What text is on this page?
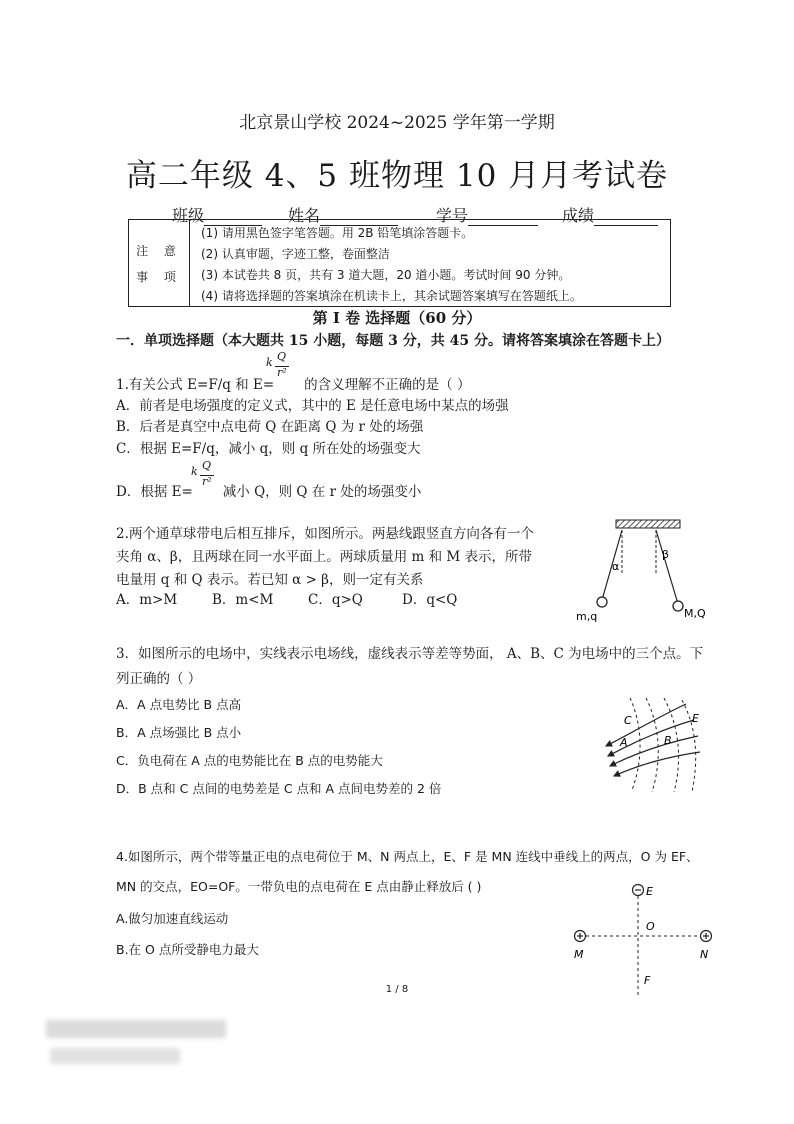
北京景山学校 2024~2025 学年第一学期
高二年级 4、5 班物理 10 月月考试卷
班级	姓名	学号	成绩
注 意
事 项
(1) 请用黑色签字笔答题。用 2B 铅笔填涂答题卡。
(2) 认真审题，字迹工整，卷面整洁
(3) 本试卷共 8 页，共有 3 道大题，20 道小题。考试时间 90 分钟。
(4) 请将选择题的答案填涂在机读卡上，其余试题答案填写在答题纸上。
第 I 卷 选择题（60 分）
一．单项选择题（本大题共 15 小题，每题 3 分，共 45 分。请将答案填涂在答题卡上）
1.有关公式 E=F/q 和 E= 的含义理解不正确的是（ ）
k Q
r²
A．前者是电场强度的定义式，其中的 E 是任意电场中某点的场强
B．后者是真空中点电荷 Q 在距离 Q 为 r 处的场强
C．根据 E=F/q，减小 q，则 q 所在处的场强变大
D．根据 E= 减小 Q，则 Q 在 r 处的场强变小
k Q
r²
2.两个通草球带电后相互排斥，如图所示。两悬线跟竖直方向各有一个
夹角 α、β，且两球在同一水平面上。两球质量用 m 和 M 表示，所带
电量用 q 和 Q 表示。若已知 α > β，则一定有关系
A．m>M	B．m<M	C．q>Q	D．q<Q
α
β
m,q	M,Q
3．如图所示的电场中，实线表示电场线，虚线表示等差等势面， A、B、C 为电场中的三个点。下
列正确的（ ）
A．A 点电势比 B 点高
B．A 点场强比 B 点小
C．负电荷在 A 点的电势能比在 B 点的电势能大
D．B 点和 C 点间的电势差是 C 点和 A 点间电势差的 2 倍
C
A	B
E
4.如图所示，两个带等量正电的点电荷位于 M、N 两点上，E、F 是 MN 连线中垂线上的两点，O 为 EF、
MN 的交点，EO=OF。一带负电的点电荷在 E 点由静止释放后 ( )
A.做匀加速直线运动
B.在 O 点所受静电力最大
E
O
F
M	N
1 / 8
